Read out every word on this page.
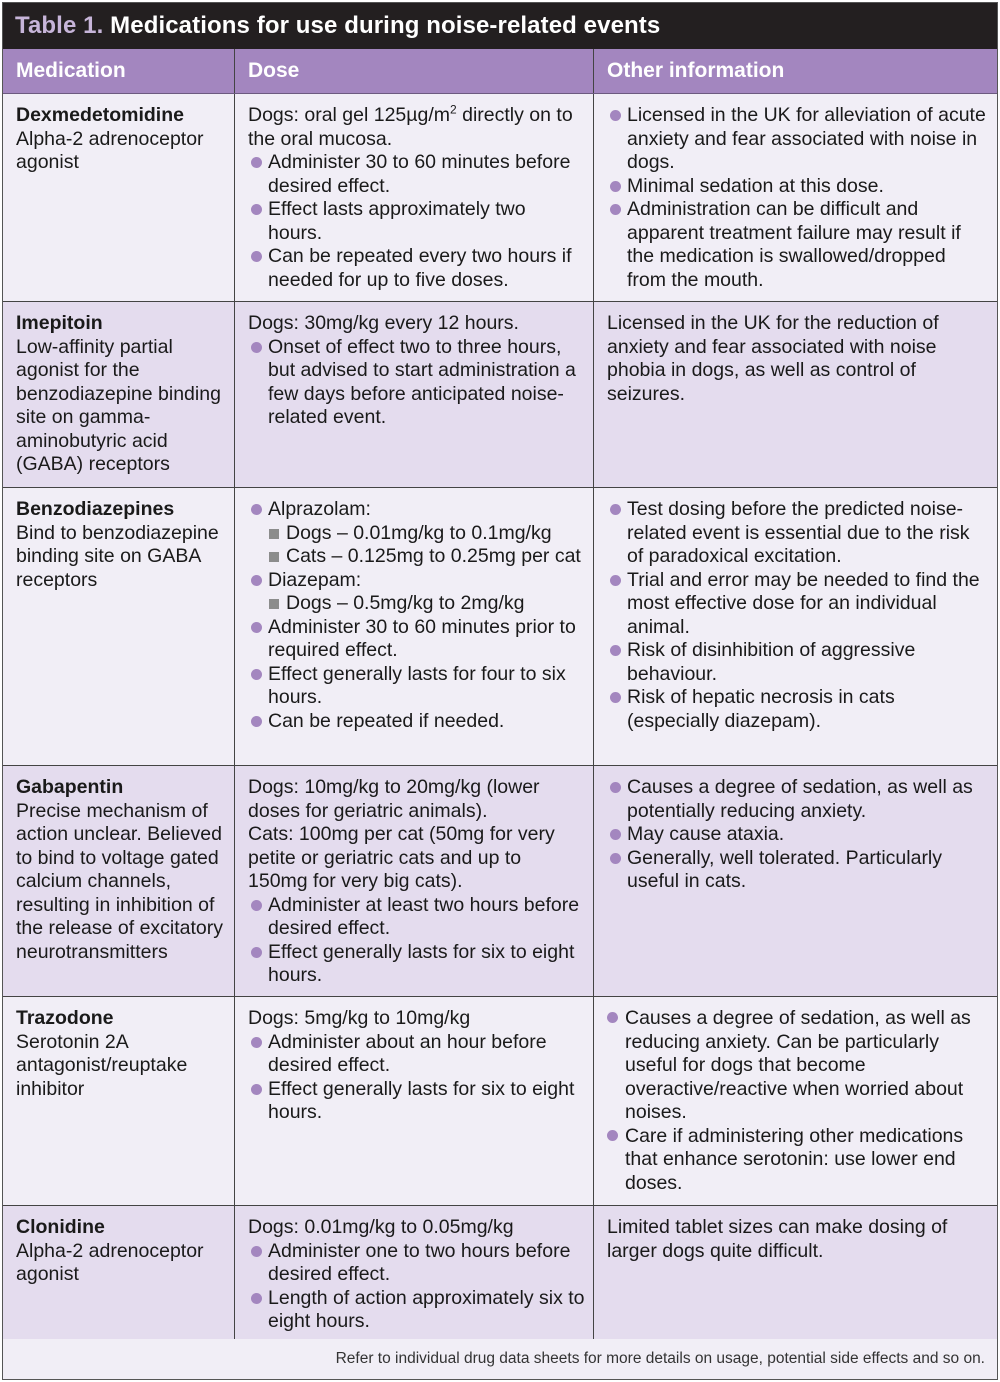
Table 1.
Medications for use during noise-related events
Medication	Dose	Other information
Dexmedetomidine
Alpha-2 adrenoceptor agonist
Dogs: oral gel $125\mu g/m^2$ directly on to the oral mucosa.
Administer 30 to 60 minutes before desired effect.
Effect lasts approximately two hours.
Can be repeated every two hours if needed for up to five doses.
Licensed in the UK for alleviation of acute anxiety and fear associated with noise in dogs.
Minimal sedation at this dose.
Administration can be difficult and apparent treatment failure may result if the medication is swallowed/dropped from the mouth.
Imepitoin
Low-affinity partial agonist for the benzodiazepine binding site on gamma-aminobutyric acid (GABA) receptors
Dogs: 30mg/kg every 12 hours.
Onset of effect two to three hours, but advised to start administration a few days before anticipated noise-related event.
Licensed in the UK for the reduction of anxiety and fear associated with noise phobia in dogs, as well as control of seizures.
Benzodiazepines
Bind to benzodiazepine binding site on GABA receptors
Alprazolam:
Dogs – 0.01mg/kg to 0.1mg/kg
Cats – 0.125mg to 0.25mg per cat
Diazepam:
Dogs – 0.5mg/kg to 2mg/kg
Administer 30 to 60 minutes prior to required effect.
Effect generally lasts for four to six hours.
Can be repeated if needed.
Test dosing before the predicted noise-related event is essential due to the risk of paradoxical excitation.
Trial and error may be needed to find the most effective dose for an individual animal.
Risk of disinhibition of aggressive behaviour.
Risk of hepatic necrosis in cats (especially diazepam).
Gabapentin
Precise mechanism of action unclear. Believed to bind to voltage gated calcium channels, resulting in inhibition of the release of excitatory neurotransmitters
Dogs: 10mg/kg to 20mg/kg (lower doses for geriatric animals).
Cats: 100mg per cat (50mg for very petite or geriatric cats and up to 150mg for very big cats).
Administer at least two hours before desired effect.
Effect generally lasts for six to eight hours.
Causes a degree of sedation, as well as potentially reducing anxiety.
May cause ataxia.
Generally, well tolerated. Particularly useful in cats.
Trazodone
Serotonin 2A antagonist/reuptake inhibitor
Dogs: 5mg/kg to 10mg/kg
Administer about an hour before desired effect.
Effect generally lasts for six to eight hours.
Causes a degree of sedation, as well as reducing anxiety. Can be particularly useful for dogs that become overactive/reactive when worried about noises.
Care if administering other medications that enhance serotonin: use lower end doses.
Clonidine
Alpha-2 adrenoceptor agonist
Dogs: 0.01mg/kg to 0.05mg/kg
Administer one to two hours before desired effect.
Length of action approximately six to eight hours.
Limited tablet sizes can make dosing of larger dogs quite difficult.
Refer to individual drug data sheets for more details on usage, potential side effects and so on.
